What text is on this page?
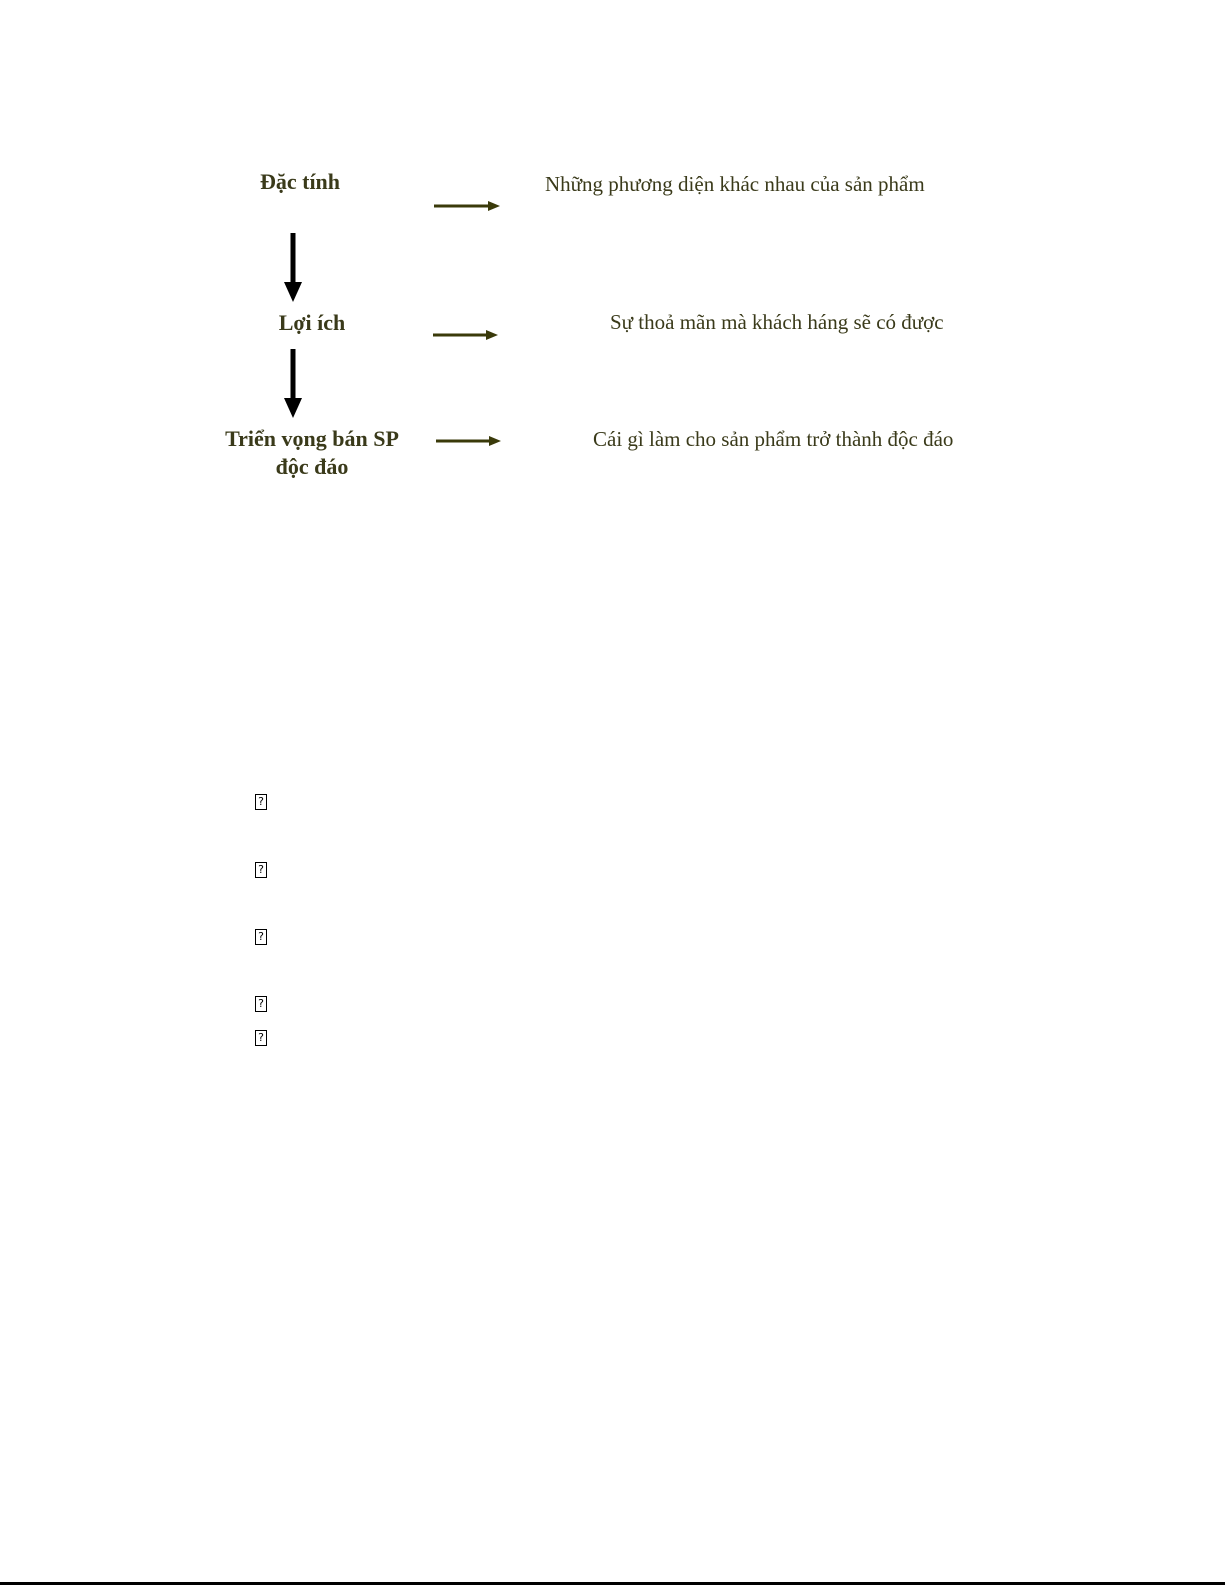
Đặc tính
Lợi ích
Triển vọng bán SP
độc đáo
Những phương diện khác nhau của sản phẩm
Sự thoả mãn mà khách háng sẽ có được
Cái gì làm cho sản phẩm trở thành độc đáo
?
?
?
?
?
